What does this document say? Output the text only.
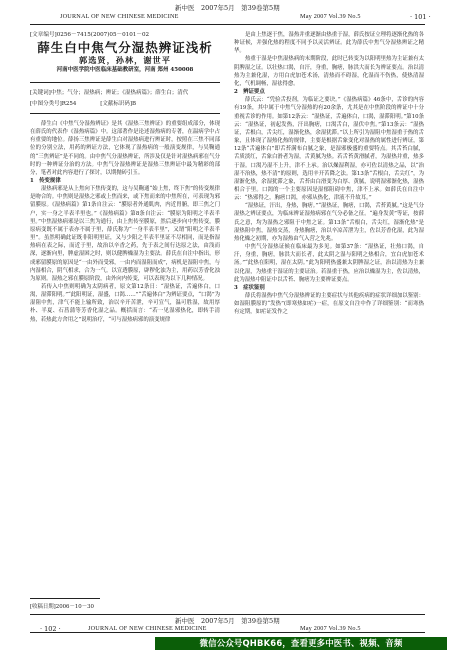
新中医　2007年5月　第39卷第5期
JOURNAL OF NEW CHINESE MEDICINE	May 2007 Vol.39 No.5	· 101 ·
[文章编号]0256－7415(2007)05－0101－02
薛生白中焦气分湿热辨证浅析
郭选贤，孙林，谢世平
河南中医学院中医临床基础教研室，河南 郑州 450008
[关键词]中焦；气分；湿热病；辨证；《湿热病篇》；薛生白；清代
[中图分类号]R254　　　　	[文献标识码]B

薛生白《中焦气分湿热辨证》是其《湿热三焦辨证》的重要组成部分，体现在薛氏的代表作《湿热病篇》中。这部著作是论述湿热病的专著，在温病学中占有重要的地位。薛扬三焦辨证是薛生白对湿热病进行辨证时，按照在三焦不同部位的分别立法，用药的辨证方法，它体现了湿热病的一般演变规律，与吴鞠通的“三焦辨证”是不同的。由中焦气分湿热辨证，所涉及仅是针对湿热病邪在气分时的一种辨证分治的方法。中焦气分湿热辨证是湿热三焦辨证中最为精彩的部分，笔者对此内容进行了探讨，以期抛砖引玉。

1　传变规律

湿热病邪是从上焦向下焦传变的，这与吴鞠通“始上焦，终下焦”的传变规律是吻合的。中焦则是湿热之邪或上焦而来，或下焦而来的中焦所在，可表现为邪留膜原。《湿热病篇》第1条自注云：“膜原者外通肌肉，内近胃腑，即三焦之门户，实一身之半表半里也。”《湿热病篇》第8条自注云：“膜原为阳明之半表半里。”中焦湿热病邪是以三焦为通行，由上焦传至膜原，然后逐步向中焦传变，膜原病变既不属于表亦不属于里，薛氏称为“一身半表半里”，又谓“阳明之半表半里”。虽然明确此证既非阳明里证，又与少阳之半表半里证不尽相同，而是指湿热病在表之际，而近于里，故治以辛香之药，先于表之间行达原之法，由浅而深，逐渐向里，脾虚湿困之时，则以健脾燥湿为主要法。薛氏在自注中指出，形成邪留膜原的原因是“一由外而受邪，一由内而湿阻而成”，病机是湿阻中焦，与内湿相合，阴气相求，合为一气。以宣透膜原，辟秽化浊为主，用药以芳香化浊为原则。湿热之邪在膜原阶段，由外向内传变，可以表现为以下几种情况。

若传入中焦则明确为太阴病者，原文第12条日：“湿热证，舌遍体白，口渴，湿滞阳明。”“此阳明证，湿盛，口渴……”“舌遍体白”为辨证要点，“口渴”为湿阻中焦，津气不能上输所致，治以辛开苦泄，辛可宣气，温可胜湿，故用厚朴、半夏、石菖蒲等芳香化湿之品。概括而言：“若一见湿邪热化，即转手清热，若热此方舍用之”说明治疗，“可与湿热病邪的演变规律

是由上焦逐于焦，湿热并重逐渐由热重于湿，薛氏按证立理将逐渐化热的各种证候，并强化热的程度不同予以灵活辨证。此为薛氏中焦气分湿热辨证之精华。

热重于湿是中焦湿热病的末期阶段，此时已转变为以阳明里热为主证兼有太阴脾湿之证。以壮热口渴，自汗，身重，胸痞，脉洪大而长为辨证要点。治以清热为主兼化湿，方用白虎加苍术汤，清热而不碍湿，化湿而不伤热，使热清湿化，气机调畅，湿祛得愈。

2　辨证要点

薛氏云：“凭验舌投剂，为临证之要诀。”《湿热病篇》46条中，舌诊的内容有19条，其中属于中焦气分湿热的有20余条，尤其是在中焦阶段的辨证中十分重视舌诊的作用。如第12条云：“湿热证，舌遍体白，口渴，湿滞阳明。”第10条云：“湿热证，初起发热，汗出胸痞，口渴舌白，湿伏中焦。”第13条云：“湿热证，舌根白，舌尖红，湿渐化热，余湿犹滞。”以上所引为湿阻中焦湿重于热的舌象，且体现了湿热化热的规律，主要是根据舌象变化对湿热的属性进行辨证，第12条“舌遍体白”即舌苔满布白腻之象，是湿邪极盛的重要特点。其舌苔白腻，舌质淡红，舌象白滑者为湿，舌黄腻为热。若舌苔黄滑腻者，为湿热并重，热多于湿。口渴乃湿不上升，津不上承。治以燥湿利湿，亦可佐以清热之品，以“治湿不治热，热不清”的原则，选用辛开苦降之法。第13条“舌根白，舌尖红”，为湿渐化热，余湿犹滞之象，舌苔由白滑变为白厚、黄腻，说明湿邪渐化热，湿热相合于里。口渴的一个主要原因是湿郁阻碍中焦，津不上承。如薛氏在自注中云：“热邪得之，胸痞口渴，亦邪从热化，津液不升故耳。”

“湿热证，汗出，身热，胸痞。”“湿热证，胸痞，口渴，舌苔黄腻。”这是气分湿热之辨证要点，为临床辨证湿热病邪在气分必备之征。“遍身发黄”等证，按薛氏之意，均为湿热之邪阻于中焦之证。第13条“舌根白，舌尖红，湿渐化热”是湿热阻中焦，湿热交蒸，身热胸痞，治以辛凉苦泄为主，佐以芳香化湿，此为湿热化燥之初期，亦为湿热由气入营之先兆。

中焦气分湿热证候在临床最为多见。如第37条：“湿热证，壮热口渴，自汗，身重，胸痞，脉洪大而长者，此太阴之湿与阳明之热相合，宜白虎加苍术汤。”“此热在阳明，湿在太阴。”此为阳明热盛兼太阴脾湿之证，治以清热为主兼以化湿，为热重于湿证的主要证治。若湿重于热，应治以燥湿为主，佐以清热，此为湿热中阻证中以舌苔、胸痞为主要辨证要点。

3　症状鉴别

薛氏将湿热中焦气分湿热辨证的主要症状与其他疾病的症状详细加以鉴别：如湿阻膜原的“发热”(即寒热如疟)一症，在原文自注中作了详细鉴别：“而寒热有定期，如疟证发作之

[收稿日期]2006－10－30
新中医　2007年5月　第39卷第5期
· 102 ·	JOURNAL OF NEW CHINESE MEDICINE	May 2007 Vol.39 No.5
微信公众号QHBK66，查看更多中医书、视频、音频
